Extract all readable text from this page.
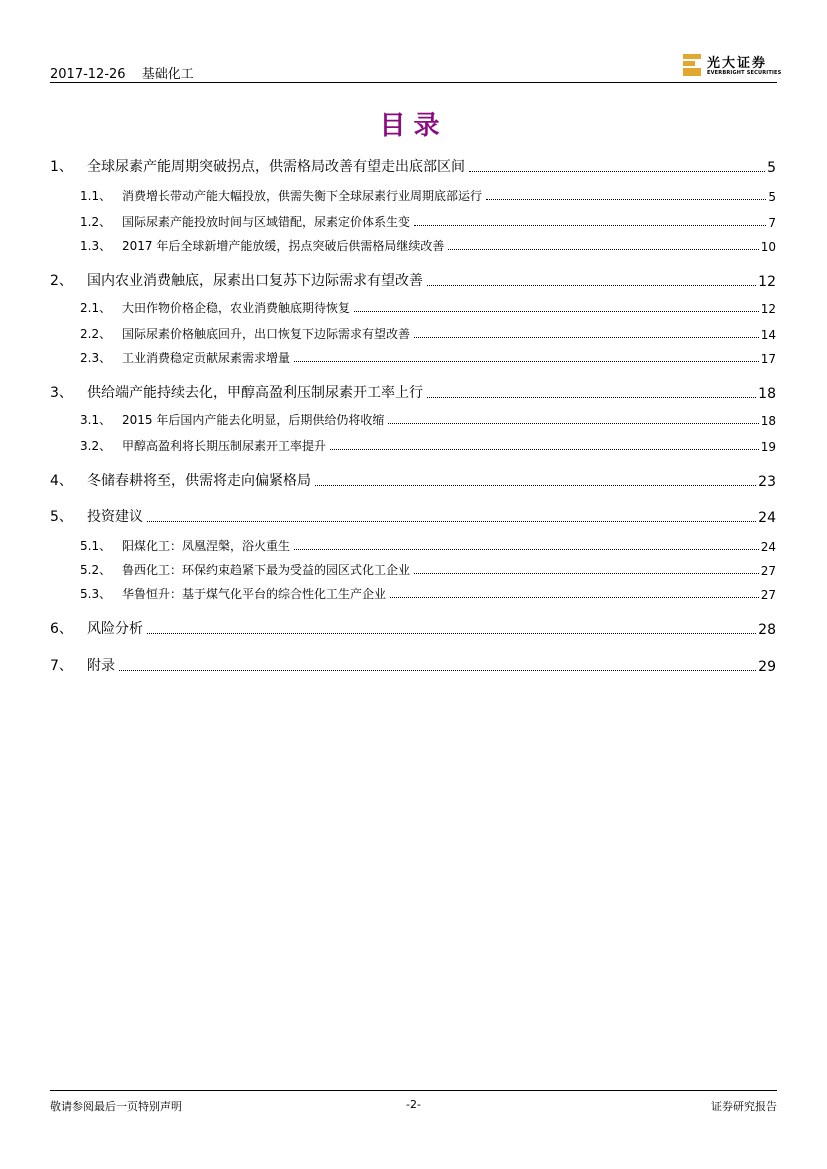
2017-12-26 基础化工
光大证券
EVERBRIGHT SECURITIES
目录
1、	全球尿素产能周期突破拐点，供需格局改善有望走出底部区间	5
1.1、 消费增长带动产能大幅投放，供需失衡下全球尿素行业周期底部运行	5
1.2、 国际尿素产能投放时间与区域错配，尿素定价体系生变	7
1.3、 2017 年后全球新增产能放缓，拐点突破后供需格局继续改善	10
2、	国内农业消费触底，尿素出口复苏下边际需求有望改善	12
2.1、 大田作物价格企稳，农业消费触底期待恢复	12
2.2、 国际尿素价格触底回升，出口恢复下边际需求有望改善	14
2.3、 工业消费稳定贡献尿素需求增量	17
3、	供给端产能持续去化，甲醇高盈利压制尿素开工率上行	18
3.1、 2015 年后国内产能去化明显，后期供给仍将收缩	18
3.2、 甲醇高盈利将长期压制尿素开工率提升	19
4、	冬储春耕将至，供需将走向偏紧格局	23
5、	投资建议	24
5.1、 阳煤化工：凤凰涅槃，浴火重生	24
5.2、 鲁西化工：环保约束趋紧下最为受益的园区式化工企业	27
5.3、 华鲁恒升：基于煤气化平台的综合性化工生产企业	27
6、	风险分析	28
7、	附录	29
敬请参阅最后一页特别声明	-2-	证券研究报告
